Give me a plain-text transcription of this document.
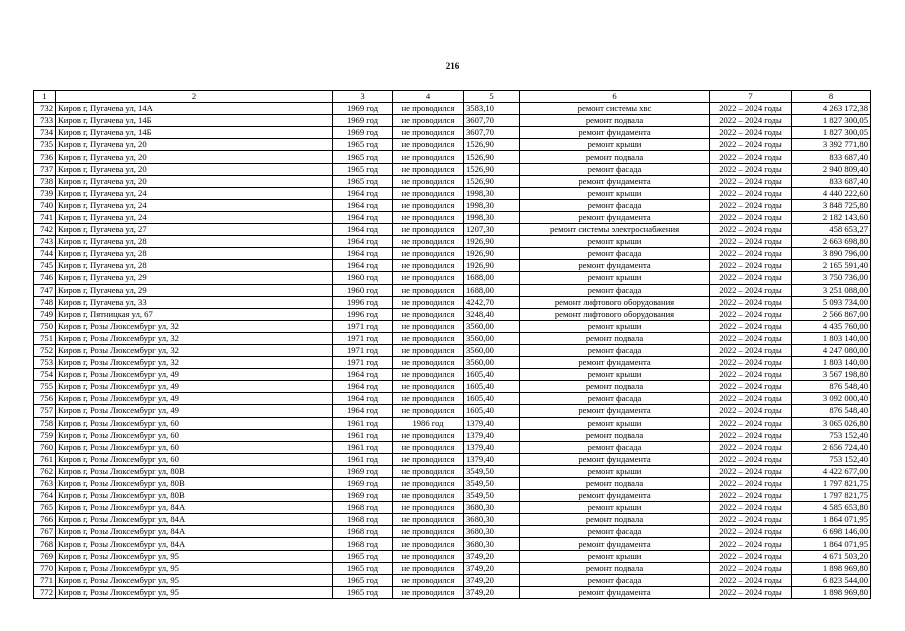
216
1	2	3	4	5	6	7	8
732	Киров г, Пугачева ул, 14А	1969 год	не проводился	3583,10	ремонт системы хвс	2022 – 2024 годы	4 263 172,38
733	Киров г, Пугачева ул, 14Б	1969 год	не проводился	3607,70	ремонт подвала	2022 – 2024 годы	1 827 300,05
734	Киров г, Пугачева ул, 14Б	1969 год	не проводился	3607,70	ремонт фундамента	2022 – 2024 годы	1 827 300,05
735	Киров г, Пугачева ул, 20	1965 год	не проводился	1526,90	ремонт крыши	2022 – 2024 годы	3 392 771,80
736	Киров г, Пугачева ул, 20	1965 год	не проводился	1526,90	ремонт подвала	2022 – 2024 годы	833 687,40
737	Киров г, Пугачева ул, 20	1965 год	не проводился	1526,90	ремонт фасада	2022 – 2024 годы	2 940 809,40
738	Киров г, Пугачева ул, 20	1965 год	не проводился	1526,90	ремонт фундамента	2022 – 2024 годы	833 687,40
739	Киров г, Пугачева ул, 24	1964 год	не проводился	1998,30	ремонт крыши	2022 – 2024 годы	4 440 222,60
740	Киров г, Пугачева ул, 24	1964 год	не проводился	1998,30	ремонт фасада	2022 – 2024 годы	3 848 725,80
741	Киров г, Пугачева ул, 24	1964 год	не проводился	1998,30	ремонт фундамента	2022 – 2024 годы	2 182 143,60
742	Киров г, Пугачева ул, 27	1964 год	не проводился	1207,30	ремонт системы электроснабжения	2022 – 2024 годы	458 653,27
743	Киров г, Пугачева ул, 28	1964 год	не проводился	1926,90	ремонт крыши	2022 – 2024 годы	2 663 698,80
744	Киров г, Пугачева ул, 28	1964 год	не проводился	1926,90	ремонт фасада	2022 – 2024 годы	3 890 796,00
745	Киров г, Пугачева ул, 28	1964 год	не проводился	1926,90	ремонт фундамента	2022 – 2024 годы	2 165 591,40
746	Киров г, Пугачева ул, 29	1960 год	не проводился	1688,00	ремонт крыши	2022 – 2024 годы	3 750 736,00
747	Киров г, Пугачева ул, 29	1960 год	не проводился	1688,00	ремонт фасада	2022 – 2024 годы	3 251 088,00
748	Киров г, Пугачева ул, 33	1996 год	не проводился	4242,70	ремонт лифтового оборудования	2022 – 2024 годы	5 093 734,00
749	Киров г, Пятницкая ул, 67	1996 год	не проводился	3248,40	ремонт лифтового оборудования	2022 – 2024 годы	2 566 867,00
750	Киров г, Розы Люксембург ул, 32	1971 год	не проводился	3560,00	ремонт крыши	2022 – 2024 годы	4 435 760,00
751	Киров г, Розы Люксембург ул, 32	1971 год	не проводился	3560,00	ремонт подвала	2022 – 2024 годы	1 803 140,00
752	Киров г, Розы Люксембург ул, 32	1971 год	не проводился	3560,00	ремонт фасада	2022 – 2024 годы	4 247 080,00
753	Киров г, Розы Люксембург ул, 32	1971 год	не проводился	3560,00	ремонт фундамента	2022 – 2024 годы	1 803 140,00
754	Киров г, Розы Люксембург ул, 49	1964 год	не проводился	1605,40	ремонт крыши	2022 – 2024 годы	3 567 198,80
755	Киров г, Розы Люксембург ул, 49	1964 год	не проводился	1605,40	ремонт подвала	2022 – 2024 годы	876 548,40
756	Киров г, Розы Люксембург ул, 49	1964 год	не проводился	1605,40	ремонт фасада	2022 – 2024 годы	3 092 000,40
757	Киров г, Розы Люксембург ул, 49	1964 год	не проводился	1605,40	ремонт фундамента	2022 – 2024 годы	876 548,40
758	Киров г, Розы Люксембург ул, 60	1961 год	1986 год	1379,40	ремонт крыши	2022 – 2024 годы	3 065 026,80
759	Киров г, Розы Люксембург ул, 60	1961 год	не проводился	1379,40	ремонт подвала	2022 – 2024 годы	753 152,40
760	Киров г, Розы Люксембург ул, 60	1961 год	не проводился	1379,40	ремонт фасада	2022 – 2024 годы	2 656 724,40
761	Киров г, Розы Люксембург ул, 60	1961 год	не проводился	1379,40	ремонт фундамента	2022 – 2024 годы	753 152,40
762	Киров г, Розы Люксембург ул, 80В	1969 год	не проводился	3549,50	ремонт крыши	2022 – 2024 годы	4 422 677,00
763	Киров г, Розы Люксембург ул, 80В	1969 год	не проводился	3549,50	ремонт подвала	2022 – 2024 годы	1 797 821,75
764	Киров г, Розы Люксембург ул, 80В	1969 год	не проводился	3549,50	ремонт фундамента	2022 – 2024 годы	1 797 821,75
765	Киров г, Розы Люксембург ул, 84А	1968 год	не проводился	3680,30	ремонт крыши	2022 – 2024 годы	4 585 653,80
766	Киров г, Розы Люксембург ул, 84А	1968 год	не проводился	3680,30	ремонт подвала	2022 – 2024 годы	1 864 071,95
767	Киров г, Розы Люксембург ул, 84А	1968 год	не проводился	3680,30	ремонт фасада	2022 – 2024 годы	6 698 146,00
768	Киров г, Розы Люксембург ул, 84А	1968 год	не проводился	3680,30	ремонт фундамента	2022 – 2024 годы	1 864 071,95
769	Киров г, Розы Люксембург ул, 95	1965 год	не проводился	3749,20	ремонт крыши	2022 – 2024 годы	4 671 503,20
770	Киров г, Розы Люксембург ул, 95	1965 год	не проводился	3749,20	ремонт подвала	2022 – 2024 годы	1 898 969,80
771	Киров г, Розы Люксембург ул, 95	1965 год	не проводился	3749,20	ремонт фасада	2022 – 2024 годы	6 823 544,00
772	Киров г, Розы Люксембург ул, 95	1965 год	не проводился	3749,20	ремонт фундамента	2022 – 2024 годы	1 898 969,80
